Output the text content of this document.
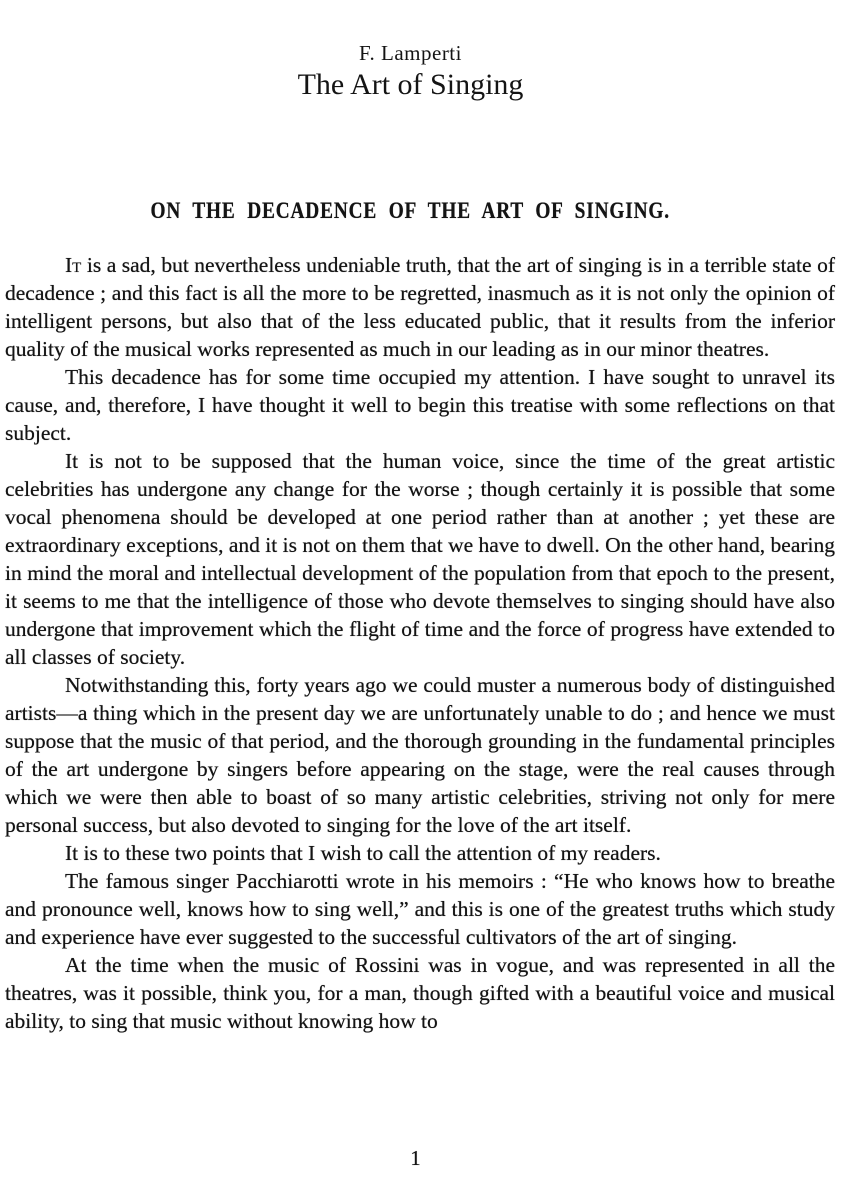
F. Lamperti
The Art of Singing
ON THE DECADENCE OF THE ART OF SINGING.

It is a sad, but nevertheless undeniable truth, that the art of singing is in a terrible state of decadence ; and this fact is all the more to be regretted, inasmuch as it is not only the opinion of intelligent persons, but also that of the less educated public, that it results from the inferior quality of the musical works represented as much in our leading as in our minor theatres.

This decadence has for some time occupied my attention. I have sought to unravel its cause, and, therefore, I have thought it well to begin this treatise with some reflections on that subject.

It is not to be supposed that the human voice, since the time of the great artistic celebrities has undergone any change for the worse ; though certainly it is possible that some vocal phenomena should be developed at one period rather than at another ; yet these are extraordinary exceptions, and it is not on them that we have to dwell. On the other hand, bearing in mind the moral and intellectual development of the population from that epoch to the present, it seems to me that the intelligence of those who devote themselves to singing should have also undergone that improvement which the flight of time and the force of progress have extended to all classes of society.

Notwithstanding this, forty years ago we could muster a numerous body of distinguished artists—a thing which in the present day we are unfortunately unable to do ; and hence we must suppose that the music of that period, and the thorough grounding in the fundamental principles of the art undergone by singers before appearing on the stage, were the real causes through which we were then able to boast of so many artistic celebrities, striving not only for mere personal success, but also devoted to singing for the love of the art itself.

It is to these two points that I wish to call the attention of my readers.

The famous singer Pacchiarotti wrote in his memoirs : “He who knows how to breathe and pronounce well, knows how to sing well,” and this is one of the greatest truths which study and experience have ever suggested to the successful cultivators of the art of singing.

At the time when the music of Rossini was in vogue, and was represented in all the theatres, was it possible, think you, for a man, though gifted with a beautiful voice and musical ability, to sing that music without knowing how to

1
